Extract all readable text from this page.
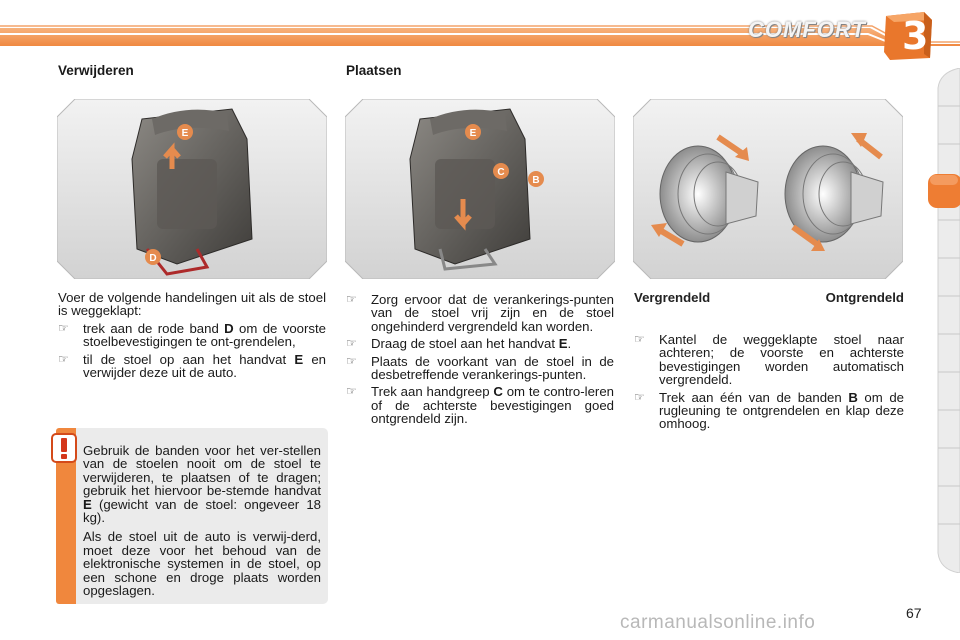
COMFORT 3
Verwijderen	Plaatsen
E
D
E
C
B

Voer de volgende handelingen uit als de stoel is weggeklapt:

☞ trek aan de rode band D om de voorste stoelbevestigingen te ont-grendelen,
☞ til de stoel op aan het handvat E en verwijder deze uit de auto.
☞ Zorg ervoor dat de verankerings-punten van de stoel vrij zijn en de stoel ongehinderd vergrendeld kan worden.
☞ Draag de stoel aan het handvat E.
☞ Plaats de voorkant van de stoel in de desbetreffende verankerings-punten.
☞ Trek aan handgreep C om te contro-leren of de achterste bevestigingen goed ontgrendeld zijn.
Vergrendeld	Ontgrendeld
☞ Kantel de weggeklapte stoel naar achteren; de voorste en achterste bevestigingen worden automatisch vergrendeld.
☞ Trek aan één van de banden B om de rugleuning te ontgrendelen en klap deze omhoog.

Gebruik de banden voor het ver-stellen van de stoelen nooit om de stoel te verwijderen, te plaatsen of te dragen; gebruik het hiervoor be-stemde handvat E (gewicht van de stoel: ongeveer 18 kg).

Als de stoel uit de auto is verwij-derd, moet deze voor het behoud van de elektronische systemen in de stoel, op een schone en droge plaats worden opgeslagen.

67
carmanualsonline.info
